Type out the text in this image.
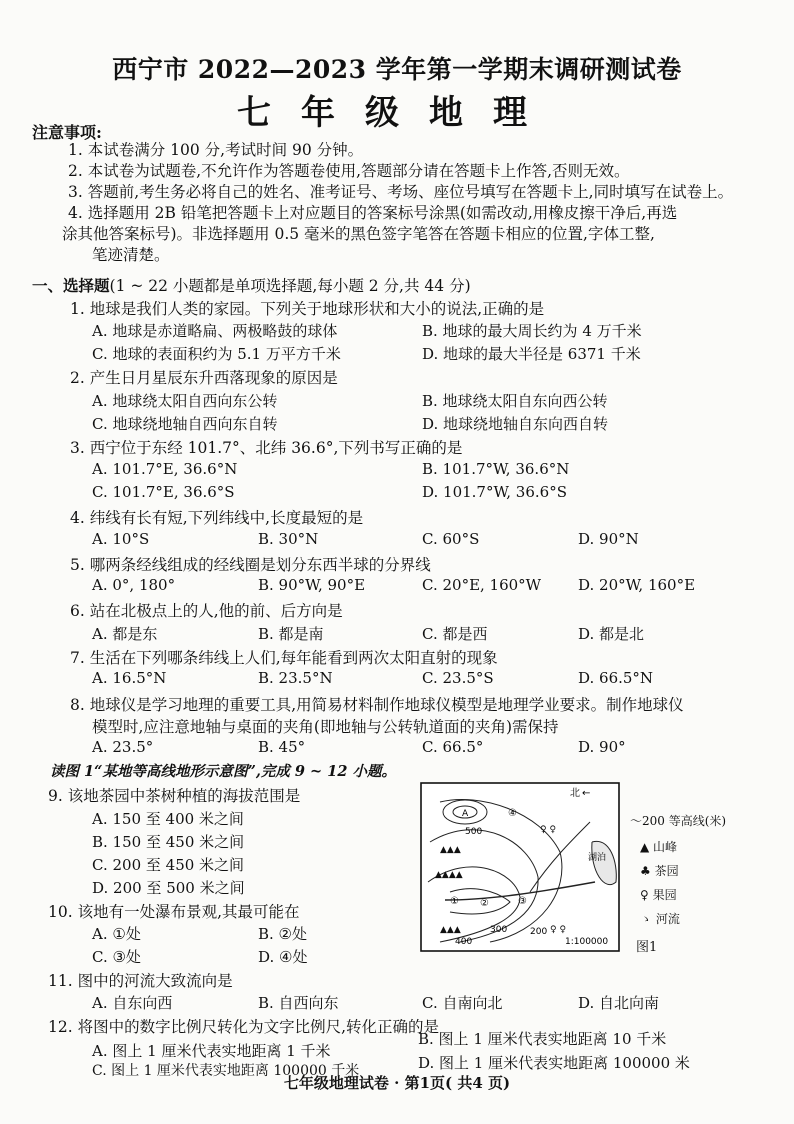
西宁市 2022—2023 学年第一学期末调研测试卷
七年级地理
注意事项:
1. 本试卷满分 100 分,考试时间 90 分钟。
2. 本试卷为试题卷,不允许作为答题卷使用,答题部分请在答题卡上作答,否则无效。
3. 答题前,考生务必将自己的姓名、准考证号、考场、座位号填写在答题卡上,同时填写在试卷上。
4. 选择题用 2B 铅笔把答题卡上对应题目的答案标号涂黑(如需改动,用橡皮擦干净后,再选
涂其他答案标号)。非选择题用 0.5 毫米的黑色签字笔答在答题卡相应的位置,字体工整,
笔迹清楚。
一、选择题(1 ~ 22 小题都是单项选择题,每小题 2 分,共 44 分)
1. 地球是我们人类的家园。下列关于地球形状和大小的说法,正确的是
A. 地球是赤道略扁、两极略鼓的球体	B. 地球的最大周长约为 4 万千米
C. 地球的表面积约为 5.1 万平方千米	D. 地球的最大半径是 6371 千米
2. 产生日月星辰东升西落现象的原因是
A. 地球绕太阳自西向东公转	B. 地球绕太阳自东向西公转
C. 地球绕地轴自西向东自转	D. 地球绕地轴自东向西自转
3. 西宁位于东经 101.7°、北纬 36.6°,下列书写正确的是
A. 101.7°E, 36.6°N	B. 101.7°W, 36.6°N
C. 101.7°E, 36.6°S	D. 101.7°W, 36.6°S
4. 纬线有长有短,下列纬线中,长度最短的是
A. 10°S	B. 30°N	C. 60°S	D. 90°N
5. 哪两条经线组成的经线圈是划分东西半球的分界线
A. 0°, 180°	B. 90°W, 90°E	C. 20°E, 160°W D. 20°W, 160°E
6. 站在北极点上的人,他的前、后方向是
A. 都是东	B. 都是南	C. 都是西	D. 都是北
7. 生活在下列哪条纬线上人们,每年能看到两次太阳直射的现象
A. 16.5°N	B. 23.5°N	C. 23.5°S	D. 66.5°N
8. 地球仪是学习地理的重要工具,用简易材料制作地球仪模型是地理学业要求。制作地球仪
模型时,应注意地轴与桌面的夹角(即地轴与公转轨道面的夹角)需保持
A. 23.5°	B. 45°	C. 66.5°	D. 90°
读图 1“某地等高线地形示意图”,完成 9 ~ 12 小题。
9. 该地茶园中茶树种植的海拔范围是
A. 150 至 400 米之间
B. 150 至 450 米之间
C. 200 至 450 米之间
D. 200 至 500 米之间
10. 该地有一处瀑布景观,其最可能在
A. ①处	B. ②处
C. ③处	D. ④处
11. 图中的河流大致流向是
A. 自东向西	B. 自西向东	C. 自南向北	D. 自北向南
12. 将图中的数字比例尺转化为文字比例尺,转化正确的是
B. 图上 1 厘米代表实地距离 10 千米
A. 图上 1 厘米代表实地距离 1 千米
D. 图上 1 厘米代表实地距离 100000 米
C. 图上 1 厘米代表实地距离 100000 千米
A
湖泊
▲▲▲
▲▲▲▲
▲▲▲
♀ ♀
♀ ♀
500
400
300	200
④
① ②	③
北 ←
1:100000
〜200 等高线(米)
▲ 山峰
♣ 茶园
♀ 果园
ゝ 河流
图1
七年级地理试卷 · 第1页( 共4 页)
